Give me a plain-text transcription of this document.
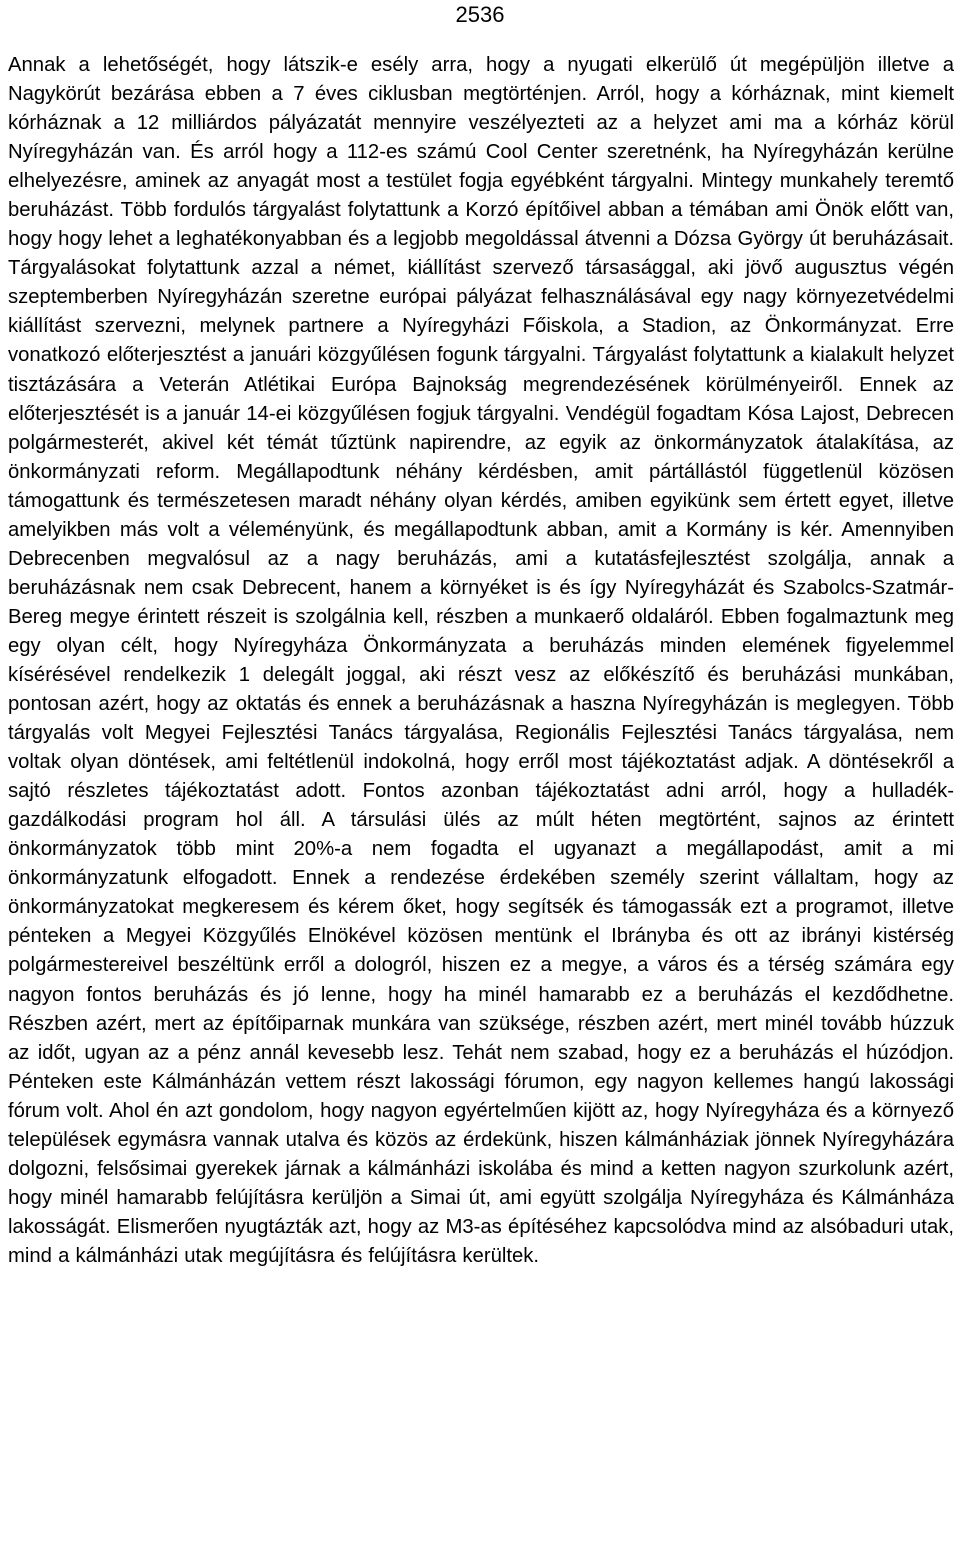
2536

Annak a lehetőségét, hogy látszik-e esély arra, hogy a nyugati elkerülő út megépüljön illetve a Nagykörút bezárása ebben a 7 éves ciklusban megtörténjen. Arról, hogy a kórháznak, mint kiemelt kórháznak a 12 milliárdos pályázatát mennyire veszélyezteti az a helyzet ami ma a kórház körül Nyíregyházán van. És arról hogy a 112-es számú Cool Center szeretnénk, ha Nyíregyházán kerülne elhelyezésre, aminek az anyagát most a testület fogja egyébként tárgyalni. Mintegy munkahely teremtő beruházást. Több fordulós tárgyalást folytattunk a Korzó építőivel abban a témában ami Önök előtt van, hogy hogy lehet a leghatékonyabban és a legjobb megoldással átvenni a Dózsa György út beruházásait. Tárgyalásokat folytattunk azzal a német, kiállítást szervező társasággal, aki jövő augusztus végén szeptemberben Nyíregyházán szeretne európai pályázat felhasználásával egy nagy környezetvédelmi kiállítást szervezni, melynek partnere a Nyíregyházi Főiskola, a Stadion, az Önkormányzat. Erre vonatkozó előterjesztést a januári közgyűlésen fogunk tárgyalni. Tárgyalást folytattunk a kialakult helyzet tisztázására a Veterán Atlétikai Európa Bajnokság megrendezésének körülményeiről. Ennek az előterjesztését is a január 14-ei közgyűlésen fogjuk tárgyalni. Vendégül fogadtam Kósa Lajost, Debrecen polgármesterét, akivel két témát tűztünk napirendre, az egyik az önkormányzatok átalakítása, az önkormányzati reform. Megállapodtunk néhány kérdésben, amit pártállástól függetlenül közösen támogattunk és természetesen maradt néhány olyan kérdés, amiben egyikünk sem értett egyet, illetve amelyikben más volt a véleményünk, és megállapodtunk abban, amit a Kormány is kér. Amennyiben Debrecenben megvalósul az a nagy beruházás, ami a kutatásfejlesztést szolgálja, annak a beruházásnak nem csak Debrecent, hanem a környéket is és így Nyíregyházát és Szabolcs-Szatmár-Bereg megye érintett részeit is szolgálnia kell, részben a munkaerő oldaláról. Ebben fogalmaztunk meg egy olyan célt, hogy Nyíregyháza Önkormányzata a beruházás minden elemének figyelemmel kísérésével rendelkezik 1 delegált joggal, aki részt vesz az előkészítő és beruházási munkában, pontosan azért, hogy az oktatás és ennek a beruházásnak a haszna Nyíregyházán is meglegyen. Több tárgyalás volt Megyei Fejlesztési Tanács tárgyalása, Regionális Fejlesztési Tanács tárgyalása, nem voltak olyan döntések, ami feltétlenül indokolná, hogy erről most tájékoztatást adjak. A döntésekről a sajtó részletes tájékoztatást adott. Fontos azonban tájékoztatást adni arról, hogy a hulladék-gazdálkodási program hol áll. A társulási ülés az múlt héten megtörtént, sajnos az érintett önkormányzatok több mint 20%-a nem fogadta el ugyanazt a megállapodást, amit a mi önkormányzatunk elfogadott. Ennek a rendezése érdekében személy szerint vállaltam, hogy az önkormányzatokat megkeresem és kérem őket, hogy segítsék és támogassák ezt a programot, illetve pénteken a Megyei Közgyűlés Elnökével közösen mentünk el Ibrányba és ott az ibrányi kistérség polgármestereivel beszéltünk erről a dologról, hiszen ez a megye, a város és a térség számára egy nagyon fontos beruházás és jó lenne, hogy ha minél hamarabb ez a beruházás el kezdődhetne. Részben azért, mert az építőiparnak munkára van szüksége, részben azért, mert minél tovább húzzuk az időt, ugyan az a pénz annál kevesebb lesz. Tehát nem szabad, hogy ez a beruházás el húzódjon. Pénteken este Kálmánházán vettem részt lakossági fórumon, egy nagyon kellemes hangú lakossági fórum volt. Ahol én azt gondolom, hogy nagyon egyértelműen kijött az, hogy Nyíregyháza és a környező települések egymásra vannak utalva és közös az érdekünk, hiszen kálmánháziak jönnek Nyíregyházára dolgozni, felsősimai gyerekek járnak a kálmánházi iskolába és mind a ketten nagyon szurkolunk azért, hogy minél hamarabb felújításra kerüljön a Simai út, ami együtt szolgálja Nyíregyháza és Kálmánháza lakosságát. Elismerően nyugtázták azt, hogy az M3-as építéséhez kapcsolódva mind az alsóbaduri utak, mind a kálmánházi utak megújításra és felújításra kerültek.
